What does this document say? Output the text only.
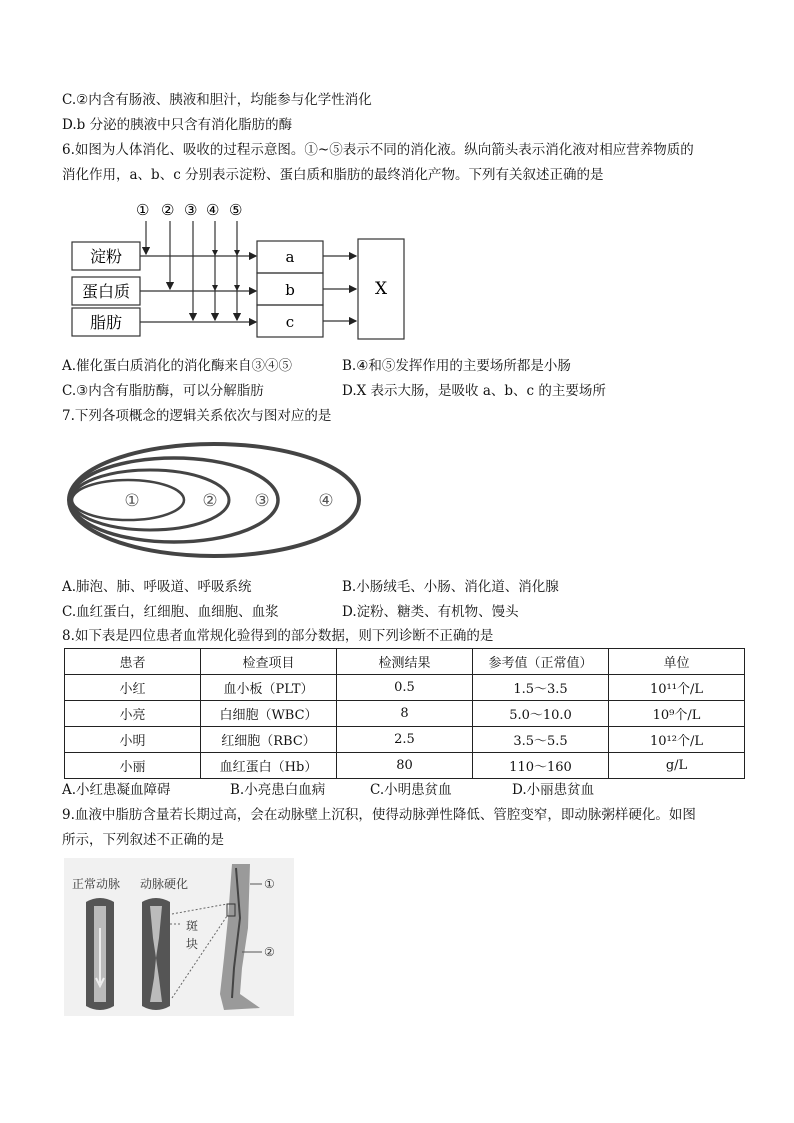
C.②内含有肠液、胰液和胆汁，均能参与化学性消化
D.b 分泌的胰液中只含有消化脂肪的酶
6.如图为人体消化、吸收的过程示意图。①~⑤表示不同的消化液。纵向箭头表示消化液对相应营养物质的
消化作用，a、b、c 分别表示淀粉、蛋白质和脂肪的最终消化产物。下列有关叙述正确的是
① ② ③ ④ ⑤
淀粉
蛋白质
脂肪
a
b
c
X
A.催化蛋白质消化的消化酶来自③④⑤	B.④和⑤发挥作用的主要场所都是小肠
C.③内含有脂肪酶，可以分解脂肪	D.X 表示大肠，是吸收 a、b、c 的主要场所
7.下列各项概念的逻辑关系依次与图对应的是
①	② ③	④
A.肺泡、肺、呼吸道、呼吸系统	B.小肠绒毛、小肠、消化道、消化腺
C.血红蛋白，红细胞、血细胞、血浆	D.淀粉、糖类、有机物、馒头
8.如下表是四位患者血常规化验得到的部分数据，则下列诊断不正确的是
患者	检查项目	检测结果	参考值（正常值）	单位
小红	血小板（PLT）	0.5	1.5～3.5	10¹¹个/L
小亮	白细胞（WBC）	8	5.0～10.0	10⁹个/L
小明	红细胞（RBC）	2.5	3.5～5.5	10¹²个/L
小丽	血红蛋白（Hb）	80	110～160	g/L
A.小红患凝血障碍	B.小亮患白血病	C.小明患贫血	D.小丽患贫血
9.血液中脂肪含量若长期过高，会在动脉壁上沉积，使得动脉弹性降低、管腔变窄，即动脉粥样硬化。如图
所示，下列叙述不正确的是
正常动脉 动脉硬化
斑
块
①
②
